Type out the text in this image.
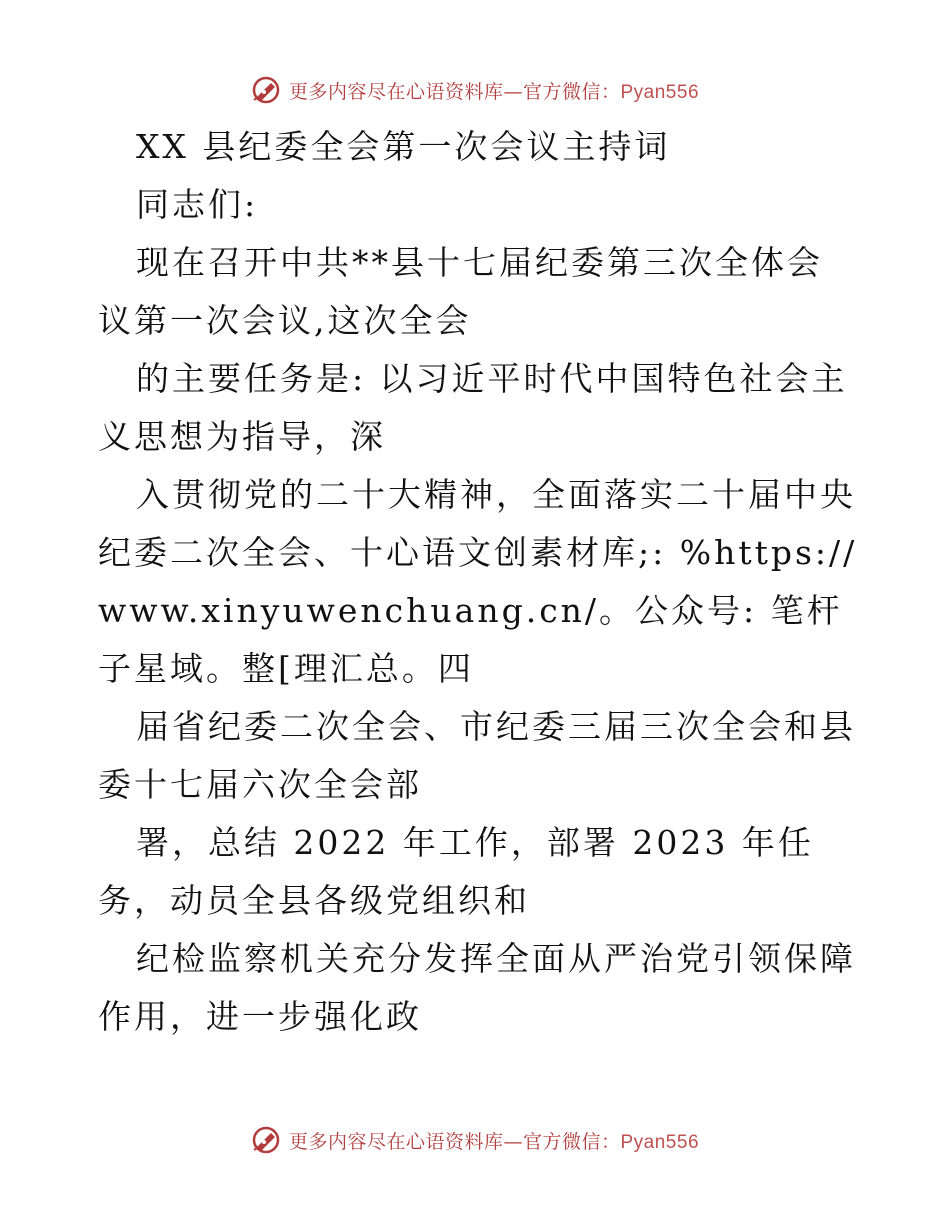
更多内容尽在心语资料库—官方微信：Pyan556

XX 县纪委全会第一次会议主持词

同志们:

现在召开中共**县十七届纪委第三次全体会议第一次会议,这次全会

的主要任务是: 以习近平时代中国特色社会主义思想为指导，深

入贯彻党的二十大精神，全面落实二十届中央纪委二次全会、十心语文创素材库;: %https://www.xinyuwenchuang.cn/。公众号: 笔杆子星域。整[理汇总。四

届省纪委二次全会、市纪委三届三次全会和县委十七届六次全会部

署，总结 2022 年工作，部署 2023 年任务，动员全县各级党组织和

纪检监察机关充分发挥全面从严治党引领保障作用，进一步强化政

更多内容尽在心语资料库—官方微信：Pyan556
